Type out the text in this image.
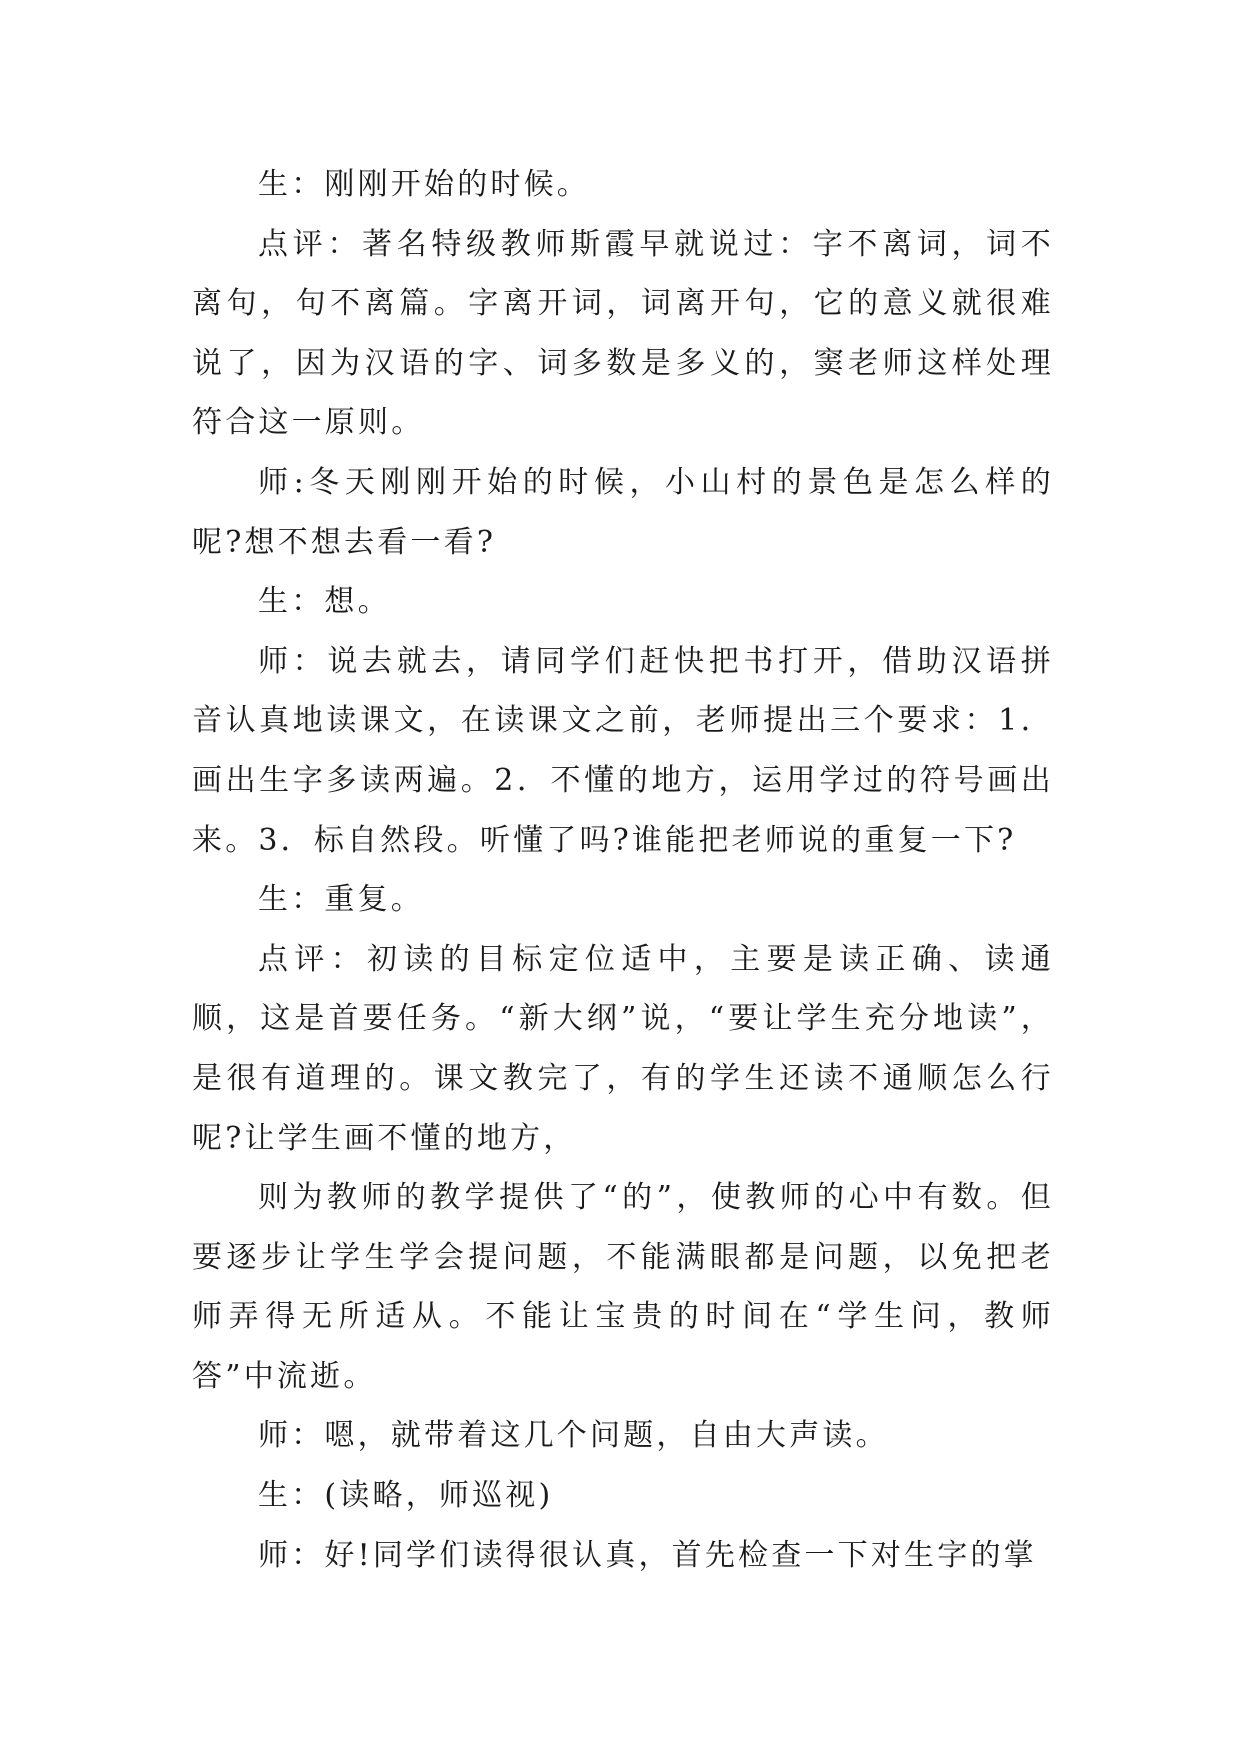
生：刚刚开始的时候。

点评：著名特级教师斯霞早就说过：字不离词，词不离句，句不离篇。字离开词，词离开句，它的意义就很难说了，因为汉语的字、词多数是多义的，窦老师这样处理符合这一原则。

师:冬天刚刚开始的时候，小山村的景色是怎么样的呢?想不想去看一看?

生：想。

师：说去就去，请同学们赶快把书打开，借助汉语拼音认真地读课文，在读课文之前，老师提出三个要求：1．画出生字多读两遍。2．不懂的地方，运用学过的符号画出来。3．标自然段。听懂了吗?谁能把老师说的重复一下?

生：重复。

点评：初读的目标定位适中，主要是读正确、读通顺，这是首要任务。“新大纲”说，“要让学生充分地读”，是很有道理的。课文教完了，有的学生还读不通顺怎么行呢?让学生画不懂的地方，

则为教师的教学提供了“的”，使教师的心中有数。但要逐步让学生学会提问题，不能满眼都是问题，以免把老师弄得无所适从。不能让宝贵的时间在“学生问，教师答”中流逝。

师：嗯，就带着这几个问题，自由大声读。

生：(读略，师巡视)

师：好!同学们读得很认真，首先检查一下对生字的掌
